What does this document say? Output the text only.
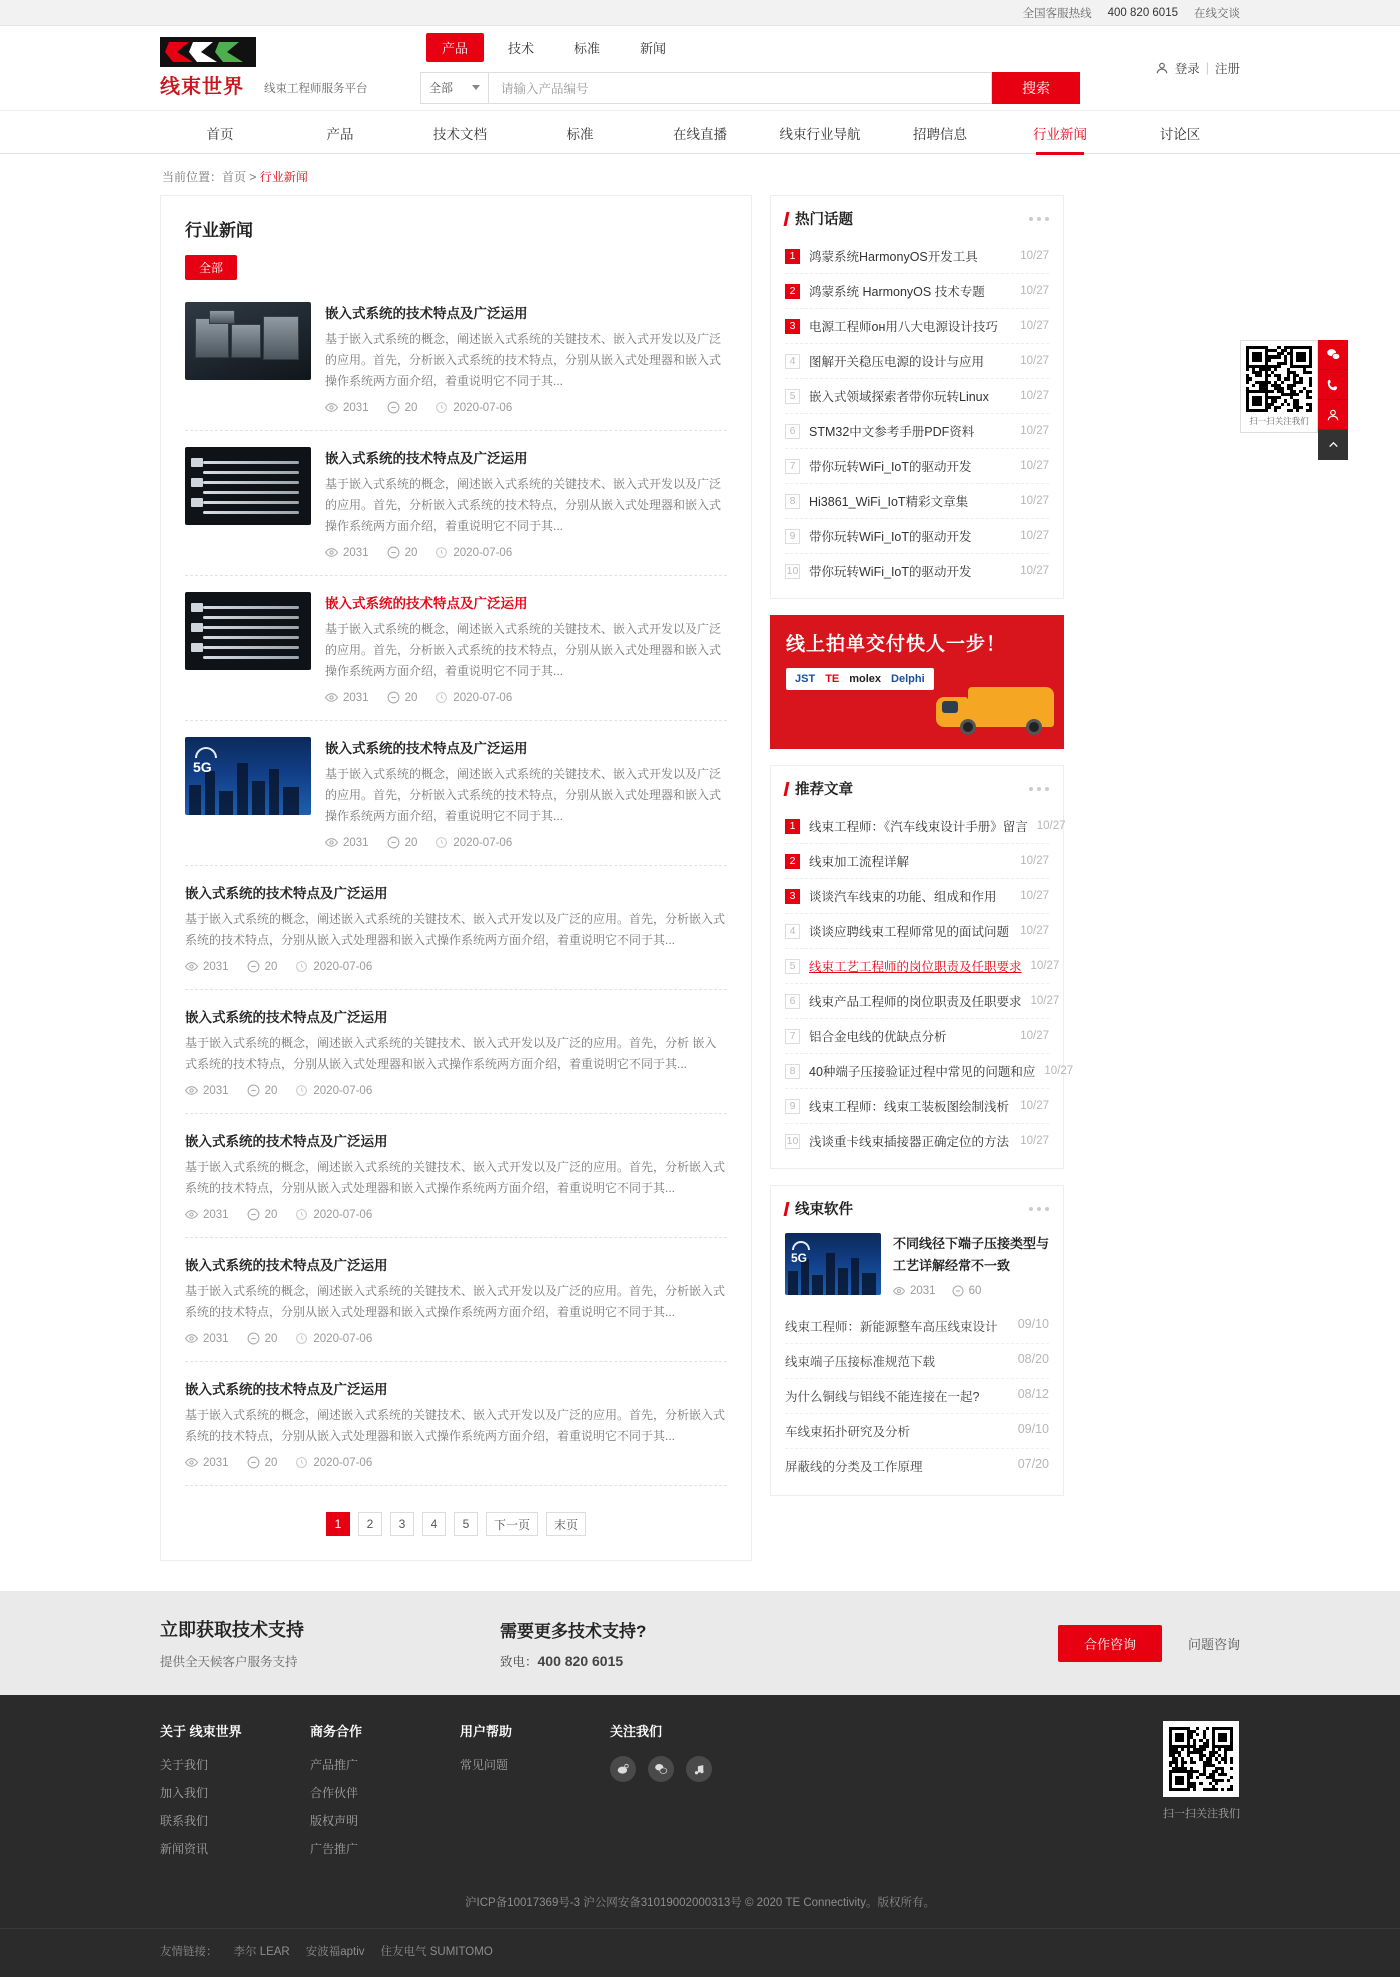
全国客服热线 400 820 6015 在线交谈
线束世界	线束工程师服务平台
产品	技术	标准	新闻
全部	请输入产品编号	搜索
登录 | 注册
首页	产品	技术文档	标准	在线直播	线束行业导航	招聘信息	行业新闻	讨论区
当前位置：首页 > 行业新闻
行业新闻
全部
嵌入式系统的技术特点及广泛运用
基于嵌入式系统的概念，阐述嵌入式系统的关键技术、嵌入式开发以及广泛的应用。首先，分析嵌入式系统的技术特点，分别从嵌入式处理器和嵌入式操作系统两方面介绍，着重说明它不同于其...
2031	20	2020-07-06
嵌入式系统的技术特点及广泛运用
基于嵌入式系统的概念，阐述嵌入式系统的关键技术、嵌入式开发以及广泛的应用。首先，分析嵌入式系统的技术特点，分别从嵌入式处理器和嵌入式操作系统两方面介绍，着重说明它不同于其...
2031	20	2020-07-06
嵌入式系统的技术特点及广泛运用
基于嵌入式系统的概念，阐述嵌入式系统的关键技术、嵌入式开发以及广泛的应用。首先，分析嵌入式系统的技术特点，分别从嵌入式处理器和嵌入式操作系统两方面介绍，着重说明它不同于其...
2031	20	2020-07-06
5G
嵌入式系统的技术特点及广泛运用
基于嵌入式系统的概念，阐述嵌入式系统的关键技术、嵌入式开发以及广泛的应用。首先，分析嵌入式系统的技术特点，分别从嵌入式处理器和嵌入式操作系统两方面介绍，着重说明它不同于其...
2031	20	2020-07-06
嵌入式系统的技术特点及广泛运用
基于嵌入式系统的概念，阐述嵌入式系统的关键技术、嵌入式开发以及广泛的应用。首先，分析嵌入式系统的技术特点，分别从嵌入式处理器和嵌入式操作系统两方面介绍，着重说明它不同于其...
2031	20	2020-07-06
嵌入式系统的技术特点及广泛运用
基于嵌入式系统的概念，阐述嵌入式系统的关键技术、嵌入式开发以及广泛的应用。首先，分析 嵌入式系统的技术特点，分别从嵌入式处理器和嵌入式操作系统两方面介绍，着重说明它不同于其...
2031	20	2020-07-06
嵌入式系统的技术特点及广泛运用
基于嵌入式系统的概念，阐述嵌入式系统的关键技术、嵌入式开发以及广泛的应用。首先，分析嵌入式系统的技术特点，分别从嵌入式处理器和嵌入式操作系统两方面介绍，着重说明它不同于其...
2031	20	2020-07-06
嵌入式系统的技术特点及广泛运用
基于嵌入式系统的概念，阐述嵌入式系统的关键技术、嵌入式开发以及广泛的应用。首先，分析嵌入式系统的技术特点，分别从嵌入式处理器和嵌入式操作系统两方面介绍，着重说明它不同于其...
2031	20	2020-07-06
嵌入式系统的技术特点及广泛运用
基于嵌入式系统的概念，阐述嵌入式系统的关键技术、嵌入式开发以及广泛的应用。首先，分析嵌入式系统的技术特点，分别从嵌入式处理器和嵌入式操作系统两方面介绍，着重说明它不同于其...
2031	20	2020-07-06
1	2	3	4	5	下一页	末页
热门话题
1	鸿蒙系统HarmonyOS开发工具	10/27
2	鸿蒙系统 HarmonyOS 技术专题	10/27
3	电源工程师он用八大电源设计技巧	10/27
4	图解开关稳压电源的设计与应用	10/27
5	嵌入式领域探索者带你玩转Linux	10/27
6	STM32中文参考手册PDF资料	10/27
7	带你玩转WiFi_IoT的驱动开发	10/27
8	Hi3861_WiFi_IoT精彩文章集	10/27
9	带你玩转WiFi_IoT的驱动开发	10/27
10 带你玩转WiFi_IoT的驱动开发	10/27
线上拍单交付快人一步！
JST TE molex Delphi
推荐文章
1	线束工程师：《汽车线束设计手册》留言 10/27
2	线束加工流程详解	10/27
3	谈谈汽车线束的功能、组成和作用	10/27
4	谈谈应聘线束工程师常见的面试问题 10/27
5	线束工艺工程师的岗位职责及任职要求 10/27
6	线束产品工程师的岗位职责及任职要求 10/27
7	铝合金电线的优缺点分析	10/27
8	40种端子压接验证过程中常见的问题和应 10/27
9	线束工程师：线束工装板图绘制浅析 10/27
10 浅谈重卡线束插接器正确定位的方法 10/27
线束软件
5G
不同线径下端子压接类型与工艺详解经常不一致
2031	60
线束工程师：新能源整车高压线束设计 09/10
线束端子压接标准规范下载	08/20
为什么铜线与铝线不能连接在一起?	08/12
车线束拓扑研究及分析	09/10
屏蔽线的分类及工作原理	07/20

扫一扫关注我们

立即获取技术支持

提供全天候客户服务支持

需要更多技术支持?

致电：400 820 6015

合作咨询	问题咨询
关于 线束世界
关于我们
加入我们
联系我们
新闻资讯
商务合作
产品推广
合作伙伴
版权声明
广告推广
用户帮助
常见问题
关注我们

扫一扫关注我们

沪ICP备10017369号-3 沪公网安备31019002000313号 © 2020 TE Connectivity。版权所有。
友情链接： 李尔 LEAR 安波福aptiv 住友电气 SUMITOMO
